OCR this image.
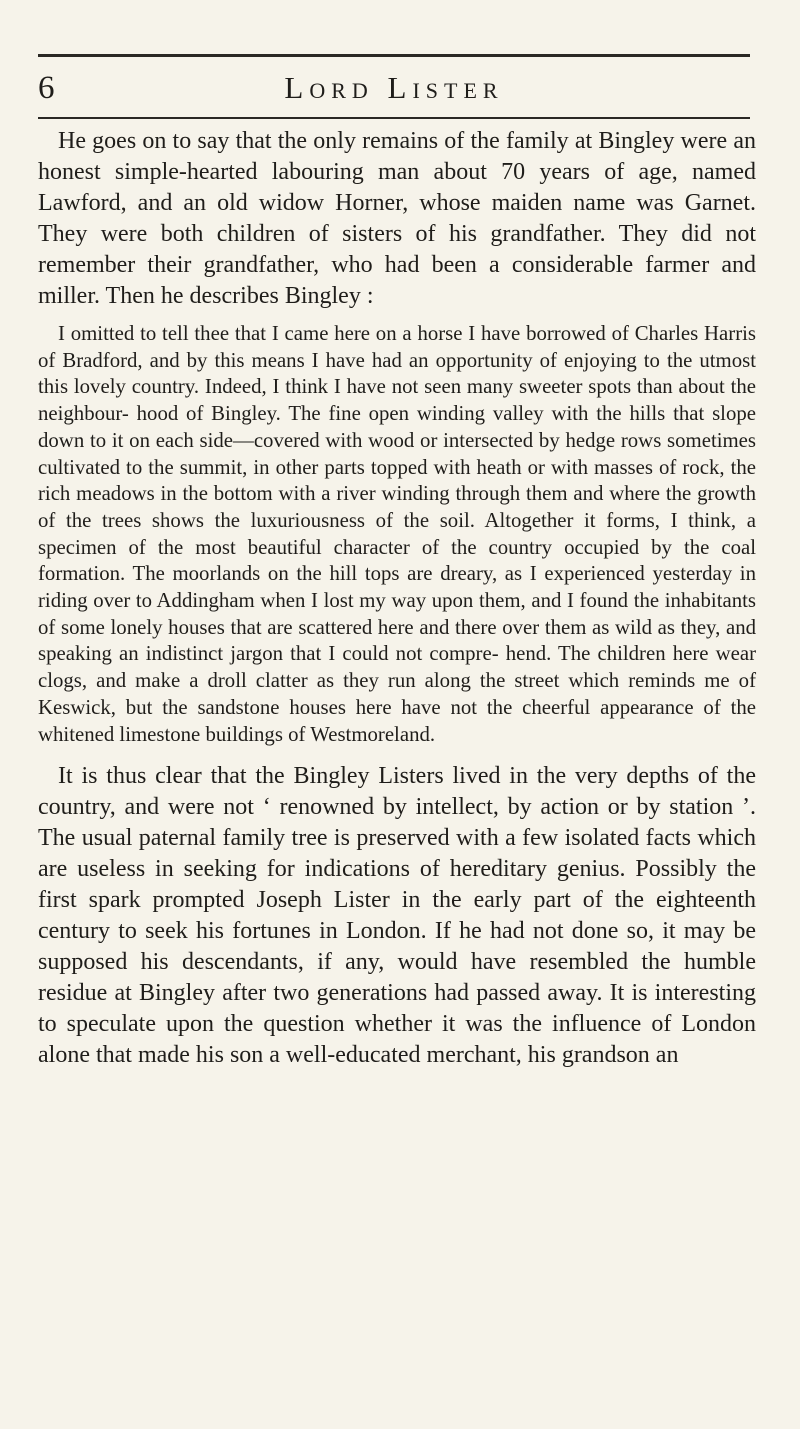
6	Lord Lister

He goes on to say that the only remains of the family at Bingley were an honest simple-hearted labouring man about 70 years of age, named Lawford, and an old widow Horner, whose maiden name was Garnet. They were both children of sisters of his grandfather. They did not remember their grandfather, who had been a considerable farmer and miller. Then he describes Bingley :

I omitted to tell thee that I came here on a horse I have borrowed of Charles Harris of Bradford, and by this means I have had an opportunity of enjoying to the utmost this lovely country. Indeed, I think I have not seen many sweeter spots than about the neighbour- hood of Bingley. The fine open winding valley with the hills that slope down to it on each side—covered with wood or intersected by hedge rows sometimes cultivated to the summit, in other parts topped with heath or with masses of rock, the rich meadows in the bottom with a river winding through them and where the growth of the trees shows the luxuriousness of the soil. Altogether it forms, I think, a specimen of the most beautiful character of the country occupied by the coal formation. The moorlands on the hill tops are dreary, as I experienced yesterday in riding over to Addingham when I lost my way upon them, and I found the inhabitants of some lonely houses that are scattered here and there over them as wild as they, and speaking an indistinct jargon that I could not compre- hend. The children here wear clogs, and make a droll clatter as they run along the street which reminds me of Keswick, but the sandstone houses here have not the cheerful appearance of the whitened limestone buildings of Westmoreland.

It is thus clear that the Bingley Listers lived in the very depths of the country, and were not ‘ renowned by intellect, by action or by station ’. The usual paternal family tree is preserved with a few isolated facts which are useless in seeking for indications of hereditary genius. Possibly the first spark prompted Joseph Lister in the early part of the eighteenth century to seek his fortunes in London. If he had not done so, it may be supposed his descendants, if any, would have resembled the humble residue at Bingley after two generations had passed away. It is interesting to speculate upon the question whether it was the influence of London alone that made his son a well-educated merchant, his grandson an
